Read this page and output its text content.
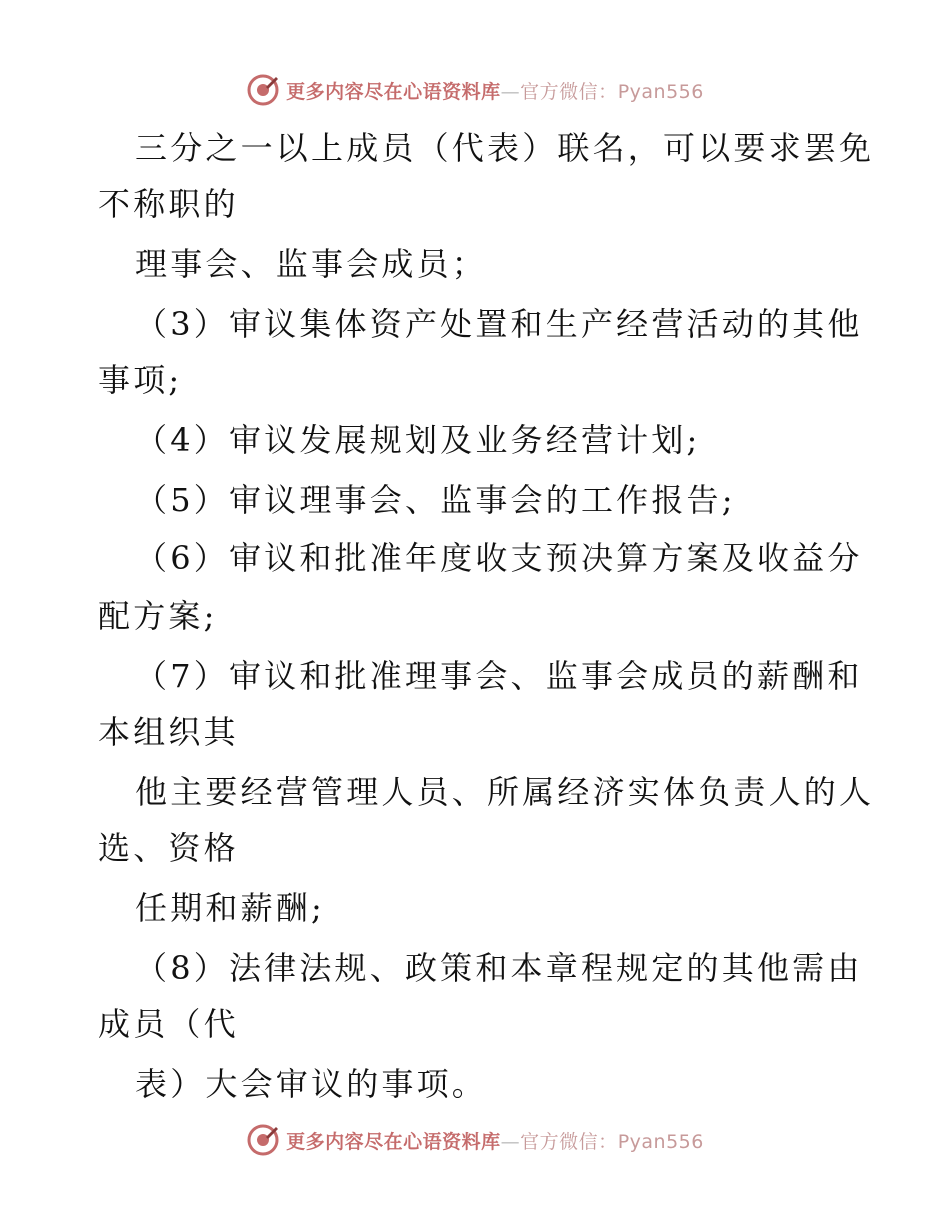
更多内容尽在心语资料库—官方微信：Pyan556
三分之一以上成员（代表）联名，可以要求罢免
不称职的
理事会、监事会成员；
（3）审议集体资产处置和生产经营活动的其他
事项;
（4）审议发展规划及业务经营计划;
（5）审议理事会、监事会的工作报告;
（6）审议和批准年度收支预决算方案及收益分
配方案;
（7）审议和批准理事会、监事会成员的薪酬和
本组织其
他主要经营管理人员、所属经济实体负责人的人
选、资格
任期和薪酬;
（8）法律法规、政策和本章程规定的其他需由
成员（代
表）大会审议的事项。
更多内容尽在心语资料库—官方微信：Pyan556
